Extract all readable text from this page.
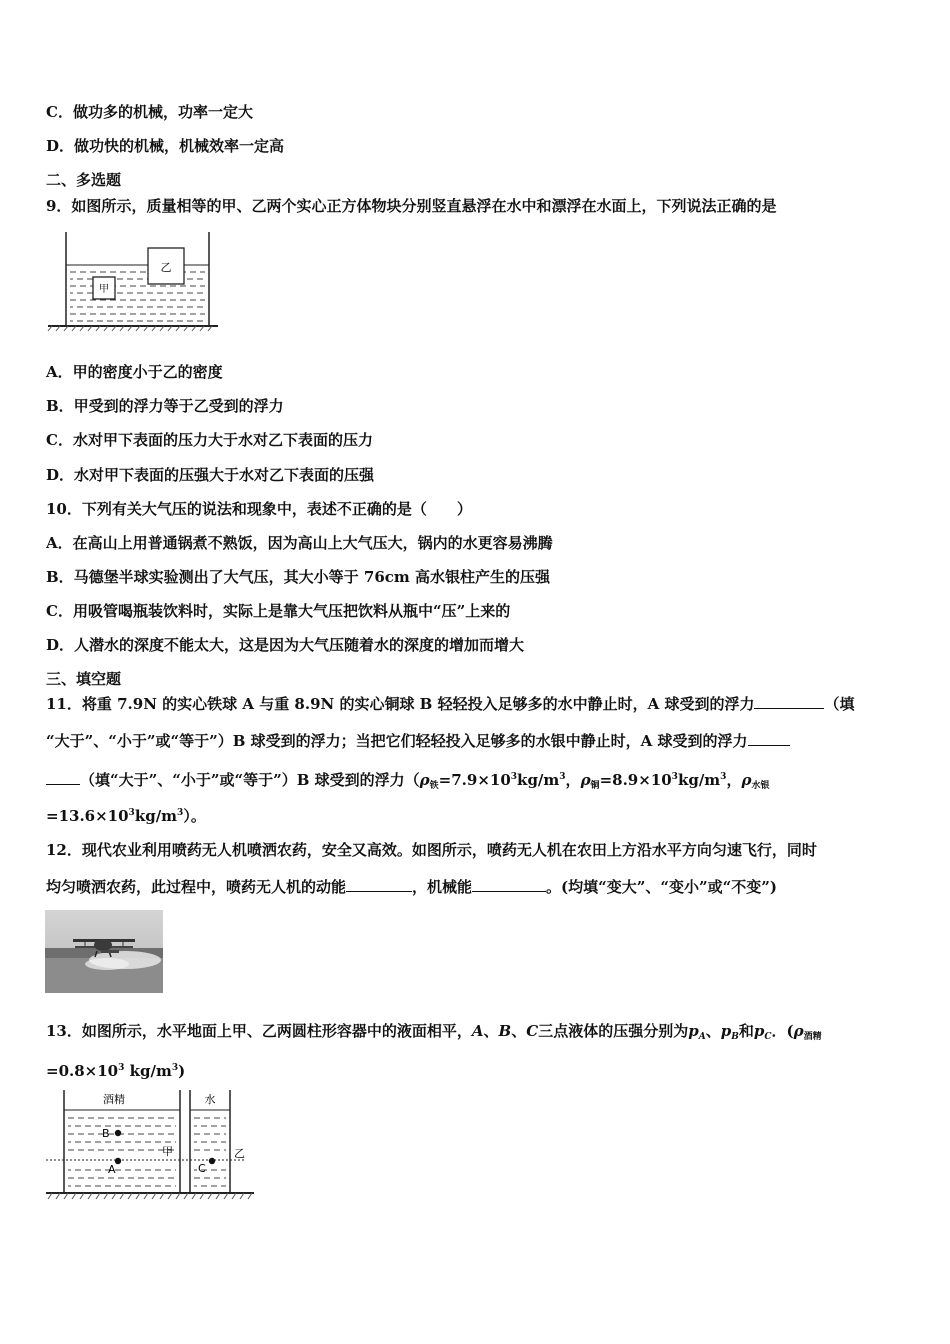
C．做功多的机械，功率一定大
D．做功快的机械，机械效率一定高
二、多选题
9．如图所示，质量相等的甲、乙两个实心正方体物块分别竖直悬浮在水中和漂浮在水面上，下列说法正确的是
乙
甲
A．甲的密度小于乙的密度
B．甲受到的浮力等于乙受到的浮力
C．水对甲下表面的压力大于水对乙下表面的压力
D．水对甲下表面的压强大于水对乙下表面的压强
10．下列有关大气压的说法和现象中，表述不正确的是（　　）
A．在高山上用普通锅煮不熟饭，因为高山上大气压大，锅内的水更容易沸腾
B．马德堡半球实验测出了大气压，其大小等于 76cm 高水银柱产生的压强
C．用吸管喝瓶装饮料时，实际上是靠大气压把饮料从瓶中“压”上来的
D．人潜水的深度不能太大，这是因为大气压随着水的深度的增加而增大
三、填空题
11．将重 7.9N 的实心铁球 A 与重 8.9N 的实心铜球 B 轻轻投入足够多的水中静止时，A 球受到的浮力	（填
“大于”、“小于”或“等于”）B 球受到的浮力；当把它们轻轻投入足够多的水银中静止时，A 球受到的浮力
（填“大于”、“小于”或“等于”）B 球受到的浮力（$\rho_铁=7.9\times 10^3kg/m^3$，$\rho_铜=8.9\times 10^3kg/m^3$，$\rho_{水银}$
$=13.6\times 10^3kg/m^3$）。
12．现代农业利用喷药无人机喷洒农药，安全又高效。如图所示，喷药无人机在农田上方沿水平方向匀速飞行，同时
均匀喷洒农药，此过程中，喷药无人机的动能	，机械能	。(均填“变大”、“变小”或“不变”)
13．如图所示，水平地面上甲、乙两圆柱形容器中的液面相平，A、B、C三点液体的压强分别为$p_A$、$p_B$和$p_C$．($\rho_{酒精}$
$=0.8\times 10^3$ $kg/m^3$)
酒精	水
B
A	C
甲	乙
